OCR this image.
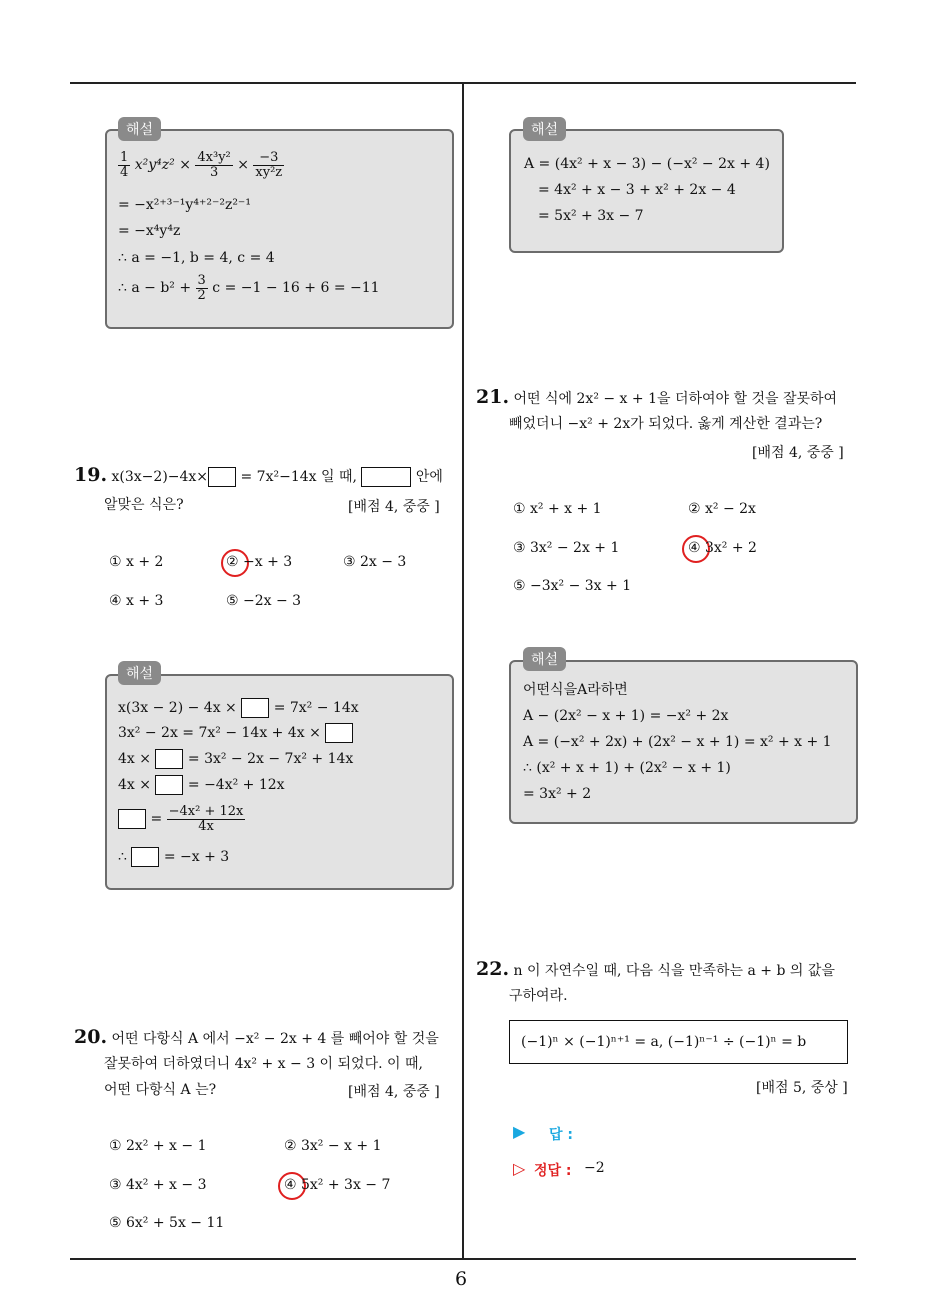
해설
$\frac{1}{4} x^2y^4z^2 \times \frac{\text{4x³y²}}{3} \times \frac{-3}{\text{xy²z}}$
= −x²⁺³⁻¹y⁴⁺²⁻²z²⁻¹
= −x⁴y⁴z
∴ a = −1, b = 4, c = 4
∴ $a - b^2 + \frac{3}{2}$ c = −1 − 16 + 6 = −11
19. x(3x−2)−4x× = 7x²−14x 일 때,	안에
알맞은 식은?	[배점 4, 중중 ]
① x + 2	② −x + 3	③ 2x − 3
④ x + 3	⑤ −2x − 3
해설
x(3x − 2) − 4x ×	= 7x² − 14x
3x² − 2x = 7x² − 14x + 4x ×
4x ×	= 3x² − 2x − 7x² + 14x
4x ×	= −4x² + 12x
= $\frac{\text{−4x² + 12x}}{4x}$
∴	= −x + 3
20. 어떤 다항식 A 에서 −x² − 2x + 4 를 빼어야 할 것을
잘못하여 더하였더니 4x² + x − 3 이 되었다. 이 때,
어떤 다항식 A 는?	[배점 4, 중중 ]
① 2x² + x − 1	② 3x² − x + 1
③ 4x² + x − 3	④ 5x² + 3x − 7
⑤ 6x² + 5x − 11
해설
A = (4x² + x − 3) − (−x² − 2x + 4)
= 4x² + x − 3 + x² + 2x − 4
= 5x² + 3x − 7
21. 어떤 식에 2x² − x + 1을 더하여야 할 것을 잘못하여
빼었더니 −x² + 2x가 되었다. 옳게 계산한 결과는?
[배점 4, 중중 ]
① x² + x + 1	② x² − 2x
③ 3x² − 2x + 1	④ 3x² + 2
⑤ −3x² − 3x + 1
해설
어떤식을A라하면
A − (2x² − x + 1) = −x² + 2x
A = (−x² + 2x) + (2x² − x + 1) = x² + x + 1
∴ (x² + x + 1) + (2x² − x + 1)
= 3x² + 2
22. n 이 자연수일 때, 다음 식을 만족하는 a + b 의 값을
구하여라.
(−1)ⁿ × (−1)ⁿ⁺¹ = a, (−1)ⁿ⁻¹ ÷ (−1)ⁿ = b
[배점 5, 중상 ]
▶ 답 :
▷ 정답 : −2
6
